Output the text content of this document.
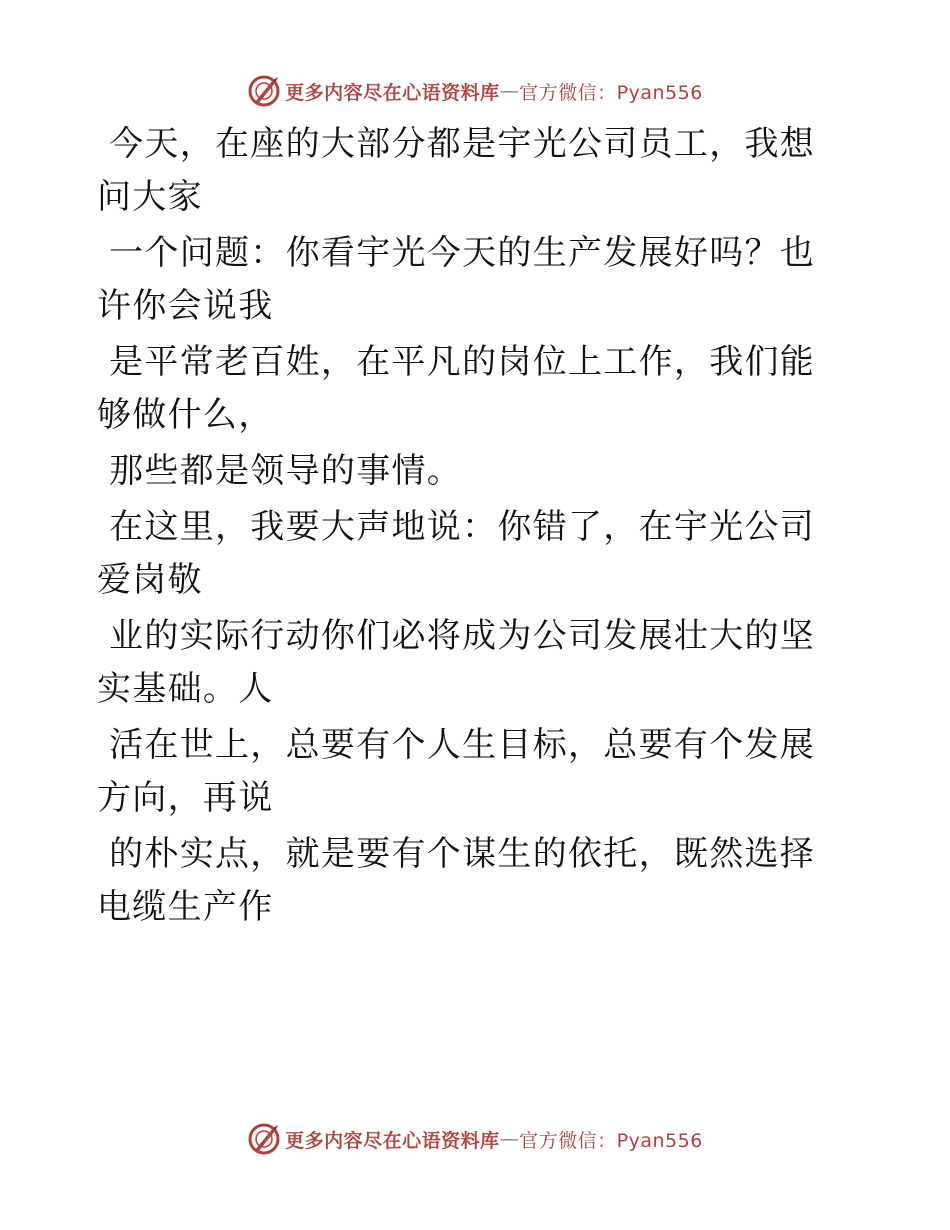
更多内容尽在心语资料库 — 官方微信：Pyan556

今天，在座的大部分都是宇光公司员工，我想问大家

一个问题：你看宇光今天的生产发展好吗？也许你会说我

是平常老百姓，在平凡的岗位上工作，我们能够做什么，

那些都是领导的事情。

在这里，我要大声地说：你错了，在宇光公司爱岗敬

业的实际行动你们必将成为公司发展壮大的坚实基础。人

活在世上，总要有个人生目标，总要有个发展方向，再说

的朴实点，就是要有个谋生的依托，既然选择电缆生产作

更多内容尽在心语资料库 — 官方微信：Pyan556
